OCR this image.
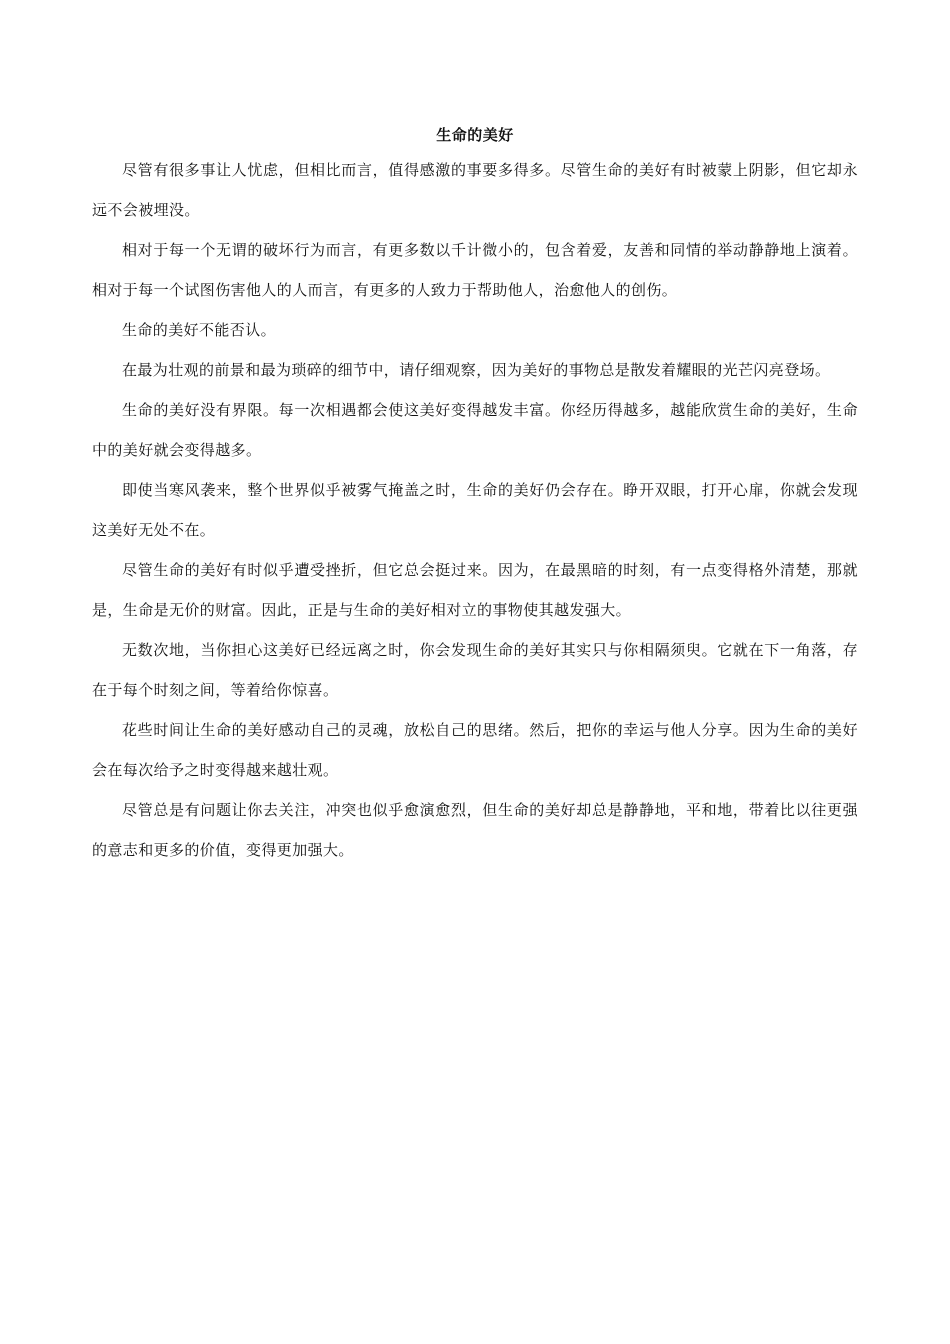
生命的美好

尽管有很多事让人忧虑，但相比而言，值得感激的事要多得多。尽管生命的美好有时被蒙上阴影，但它却永远不会被埋没。

相对于每一个无谓的破坏行为而言，有更多数以千计微小的，包含着爱，友善和同情的举动静静地上演着。相对于每一个试图伤害他人的人而言，有更多的人致力于帮助他人，治愈他人的创伤。

生命的美好不能否认。

在最为壮观的前景和最为琐碎的细节中，请仔细观察，因为美好的事物总是散发着耀眼的光芒闪亮登场。

生命的美好没有界限。每一次相遇都会使这美好变得越发丰富。你经历得越多，越能欣赏生命的美好，生命中的美好就会变得越多。

即使当寒风袭来，整个世界似乎被雾气掩盖之时，生命的美好仍会存在。睁开双眼，打开心扉，你就会发现这美好无处不在。

尽管生命的美好有时似乎遭受挫折，但它总会挺过来。因为，在最黑暗的时刻，有一点变得格外清楚，那就是，生命是无价的财富。因此，正是与生命的美好相对立的事物使其越发强大。

无数次地，当你担心这美好已经远离之时，你会发现生命的美好其实只与你相隔须臾。它就在下一角落，存在于每个时刻之间，等着给你惊喜。

花些时间让生命的美好感动自己的灵魂，放松自己的思绪。然后，把你的幸运与他人分享。因为生命的美好会在每次给予之时变得越来越壮观。

尽管总是有问题让你去关注，冲突也似乎愈演愈烈，但生命的美好却总是静静地，平和地，带着比以往更强的意志和更多的价值，变得更加强大。
